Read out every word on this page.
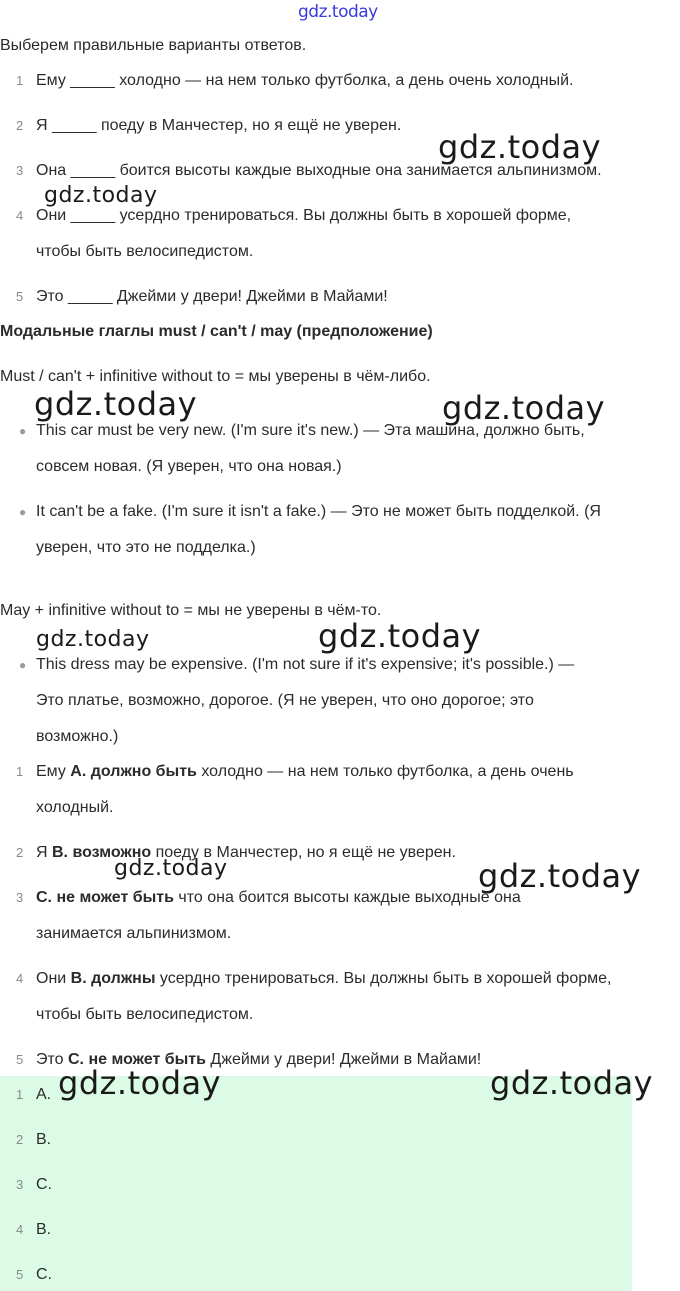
gdz.today
Выберем правильные варианты ответов.
1 Ему _____ холодно — на нем только футболка, а день очень холодный.
2 Я _____ поеду в Манчестер, но я ещё не уверен.
3 Она _____ боится высоты каждые выходные она занимается альпинизмом.
4 Они _____ усердно тренироваться. Вы должны быть в хорошей форме,
чтобы быть велосипедистом.
5 Это _____ Джейми у двери! Джейми в Майами!
Модальные глаглы must / can't / may (предположение)
Must / can't + infinitive without to = мы уверены в чём-либо.
● This car must be very new. (I'm sure it's new.) — Эта машина, должно быть,
совсем новая. (Я уверен, что она новая.)
● It can't be a fake. (I'm sure it isn't a fake.) — Это не может быть подделкой. (Я
уверен, что это не подделка.)
May + infinitive without to = мы не уверены в чём-то.
● This dress may be expensive. (I'm not sure if it's expensive; it's possible.) —
Это платье, возможно, дорогое. (Я не уверен, что оно дорогое; это
возможно.)
1 Ему A. должно быть холодно — на нем только футболка, а день очень
холодный.
2 Я B. возможно поеду в Манчестер, но я ещё не уверен.
3 C. не может быть что она боится высоты каждые выходные она
занимается альпинизмом.
4 Они B. должны усердно тренироваться. Вы должны быть в хорошей форме,
чтобы быть велосипедистом.
5 Это C. не может быть Джейми у двери! Джейми в Майами!
1 A.
2 B.
3 C.
4 B.
5 C.
gdz.today
gdz.today
gdz.today	gdz.today
gdz.today	gdz.today
gdz.today	gdz.today
gdz.today	gdz.today
